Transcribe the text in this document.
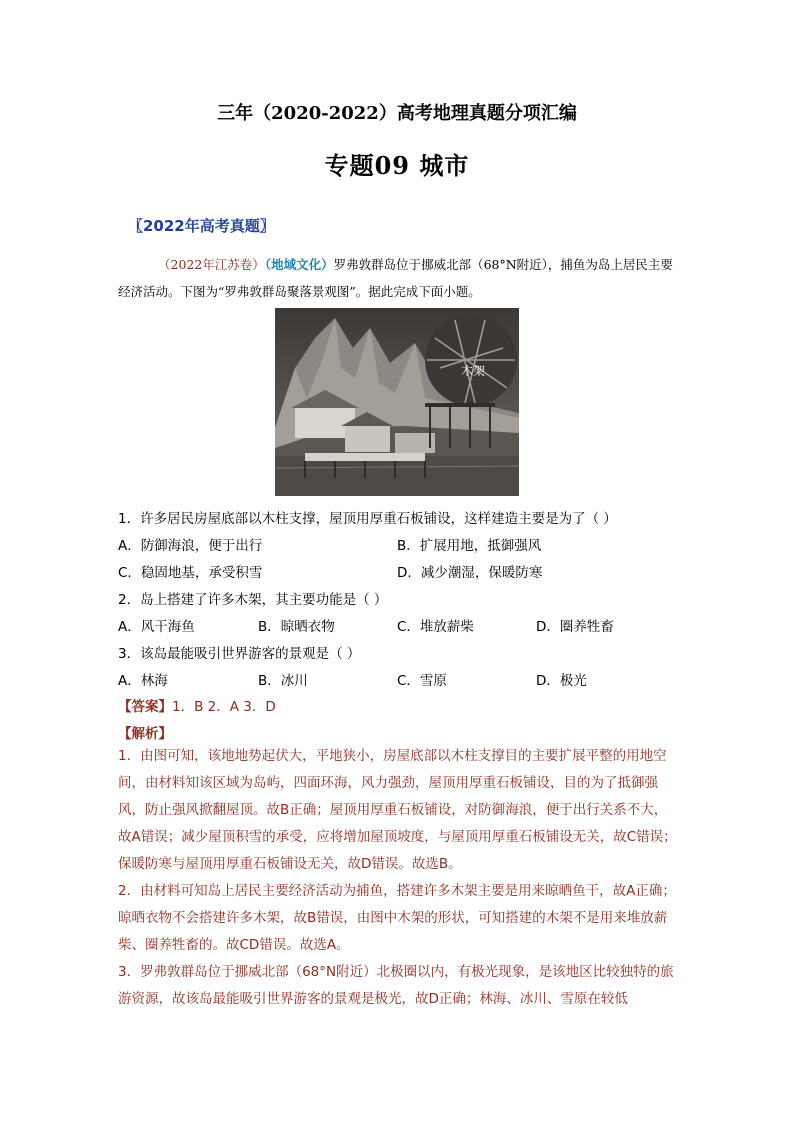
三年（2020-2022）高考地理真题分项汇编
专题09 城市
〖2022年高考真题〗
（2022年江苏卷）（地域文化）罗弗敦群岛位于挪威北部（68°N附近），捕鱼为岛上居民主要经济活动。下图为“罗弗敦群岛聚落景观图”。据此完成下面小题。
木架
1．许多居民房屋底部以木柱支撑，屋顶用厚重石板铺设，这样建造主要是为了（ ）
A．防御海浪，便于出行	B．扩展用地，抵御强风
C．稳固地基，承受积雪	D．减少潮湿，保暖防寒
2．岛上搭建了许多木架，其主要功能是（ ）
A．风干海鱼	B．晾晒衣物	C．堆放薪柴	D．圈养牲畜
3．该岛最能吸引世界游客的景观是（ ）
A．林海	B．冰川	C．雪原	D．极光
【答案】1．B 2．A 3．D
【解析】

1．由图可知，该地地势起伏大，平地狭小，房屋底部以木柱支撑目的主要扩展平整的用地空间，由材料知该区域为岛屿，四面环海，风力强劲，屋顶用厚重石板铺设，目的为了抵御强风，防止强风掀翻屋顶。故B正确；屋顶用厚重石板铺设，对防御海浪，便于出行关系不大，故A错误；减少屋顶积雪的承受，应将增加屋顶坡度，与屋顶用厚重石板铺设无关，故C错误；保暖防寒与屋顶用厚重石板铺设无关，故D错误。故选B。

2．由材料可知岛上居民主要经济活动为捕鱼，搭建许多木架主要是用来晾晒鱼干，故A正确；晾晒衣物不会搭建许多木架，故B错误，由图中木架的形状，可知搭建的木架不是用来堆放薪柴、圈养牲畜的。故CD错误。故选A。

3．罗弗敦群岛位于挪威北部（68°N附近）北极圈以内，有极光现象，是该地区比较独特的旅游资源，故该岛最能吸引世界游客的景观是极光，故D正确；林海、冰川、雪原在较低
